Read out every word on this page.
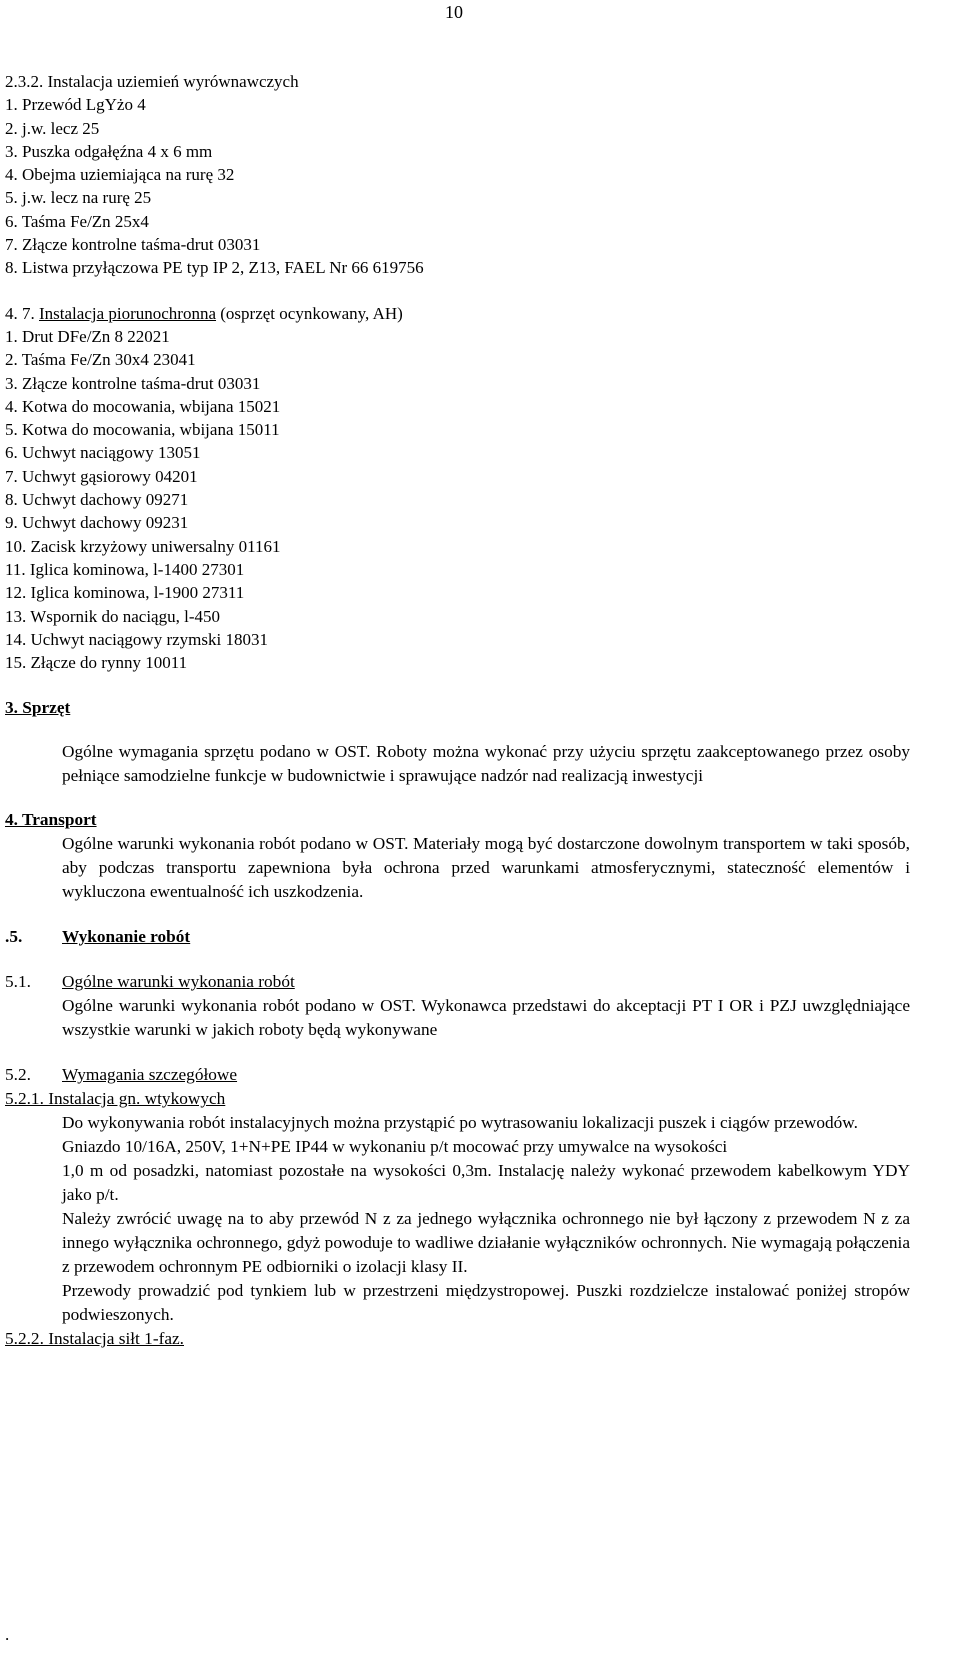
10
2.3.2. Instalacja uziemień wyrównawczych
1. Przewód LgYżo 4
2. j.w. lecz 25
3. Puszka odgałęźna 4 x 6 mm
4. Obejma uziemiająca na rurę 32
5. j.w. lecz na rurę 25
6. Taśma Fe/Zn 25x4
7. Złącze kontrolne taśma-drut 03031
8. Listwa przyłączowa PE typ IP 2, Z13, FAEL Nr 66 619756
4. 7. Instalacja piorunochronna (osprzęt ocynkowany, AH)
1. Drut DFe/Zn 8 22021
2. Taśma Fe/Zn 30x4 23041
3. Złącze kontrolne taśma-drut 03031
4. Kotwa do mocowania, wbijana 15021
5. Kotwa do mocowania, wbijana 15011
6. Uchwyt naciągowy 13051
7. Uchwyt gąsiorowy 04201
8. Uchwyt dachowy 09271
9. Uchwyt dachowy 09231
10. Zacisk krzyżowy uniwersalny 01161
11. Iglica kominowa, l-1400 27301
12. Iglica kominowa, l-1900 27311
13. Wspornik do naciągu, l-450
14. Uchwyt naciągowy rzymski 18031
15. Złącze do rynny 10011
3. Sprzęt
Ogólne wymagania sprzętu podano w OST. Roboty można wykonać przy użyciu sprzętu zaakceptowanego przez osoby pełniące samodzielne funkcje w budownictwie i sprawujące nadzór nad realizacją inwestycji
4. Transport
Ogólne warunki wykonania robót podano w OST. Materiały mogą być dostarczone dowolnym transportem w taki sposób, aby podczas transportu zapewniona była ochrona przed warunkami atmosferycznymi, stateczność elementów i wykluczona ewentualność ich uszkodzenia.
.5. Wykonanie robót
5.1. Ogólne warunki wykonania robót
Ogólne warunki wykonania robót podano w OST. Wykonawca przedstawi do akceptacji PT I OR i PZJ uwzględniające wszystkie warunki w jakich roboty będą wykonywane
5.2. Wymagania szczegółowe
5.2.1. Instalacja gn. wtykowych
Do wykonywania robót instalacyjnych można przystąpić po wytrasowaniu lokalizacji puszek i ciągów przewodów.
Gniazdo 10/16A, 250V, 1+N+PE IP44 w wykonaniu p/t mocować przy umywalce na wysokości
1,0 m od posadzki, natomiast pozostałe na wysokości 0,3m. Instalację należy wykonać przewodem kabelkowym YDY jako p/t.
Należy zwrócić uwagę na to aby przewód N z za jednego wyłącznika ochronnego nie był łączony z przewodem N z za innego wyłącznika ochronnego, gdyż powoduje to wadliwe działanie wyłączników ochronnych. Nie wymagają połączenia z przewodem ochronnym PE odbiorniki o izolacji klasy II.
Przewody prowadzić pod tynkiem lub w przestrzeni międzystropowej. Puszki rozdzielcze instalować poniżej stropów podwieszonych.
5.2.2. Instalacja siłt 1-faz.
.
